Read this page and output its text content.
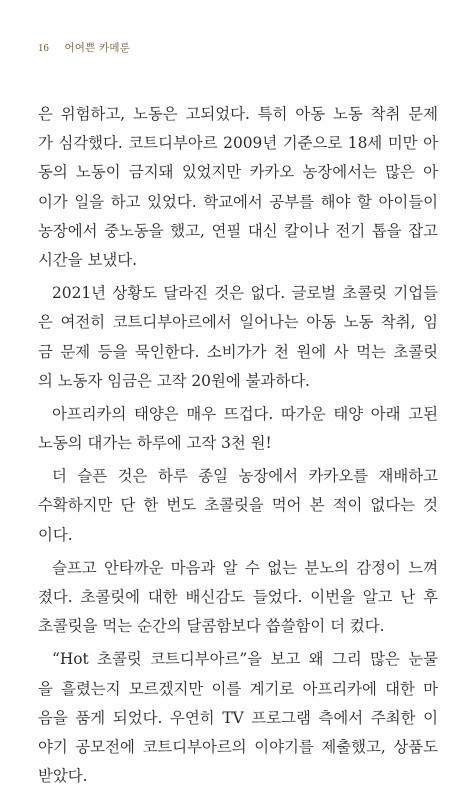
16 어여쁜 카메룬
은 위험하고, 노동은 고되었다. 특히 아동 노동 착취 문제
가 심각했다. 코트디부아르 2009년 기준으로 18세 미만 아
동의 노동이 금지돼 있었지만 카카오 농장에서는 많은 아
이가 일을 하고 있었다. 학교에서 공부를 해야 할 아이들이
농장에서 중노동을 했고, 연필 대신 칼이나 전기 톱을 잡고
시간을 보냈다.
2021년 상황도 달라진 것은 없다. 글로벌 초콜릿 기업들
은 여전히 코트디부아르에서 일어나는 아동 노동 착취, 임
금 문제 등을 묵인한다. 소비가가 천 원에 사 먹는 초콜릿
의 노동자 임금은 고작 20원에 불과하다.
아프리카의 태양은 매우 뜨겁다. 따가운 태양 아래 고된
노동의 대가는 하루에 고작 3천 원!
더 슬픈 것은 하루 종일 농장에서 카카오를 재배하고
수확하지만 단 한 번도 초콜릿을 먹어 본 적이 없다는 것
이다.
슬프고 안타까운 마음과 알 수 없는 분노의 감정이 느껴
졌다. 초콜릿에 대한 배신감도 들었다. 이번을 알고 난 후
초콜릿을 먹는 순간의 달콤함보다 씁쓸함이 더 컸다.
“Hot 초콜릿 코트디부아르”을 보고 왜 그리 많은 눈물
을 흘렸는지 모르겠지만 이를 계기로 아프리카에 대한 마
음을 품게 되었다. 우연히 TV 프로그램 측에서 주최한 이
야기 공모전에 코트디부아르의 이야기를 제출했고, 상품도
받았다.
